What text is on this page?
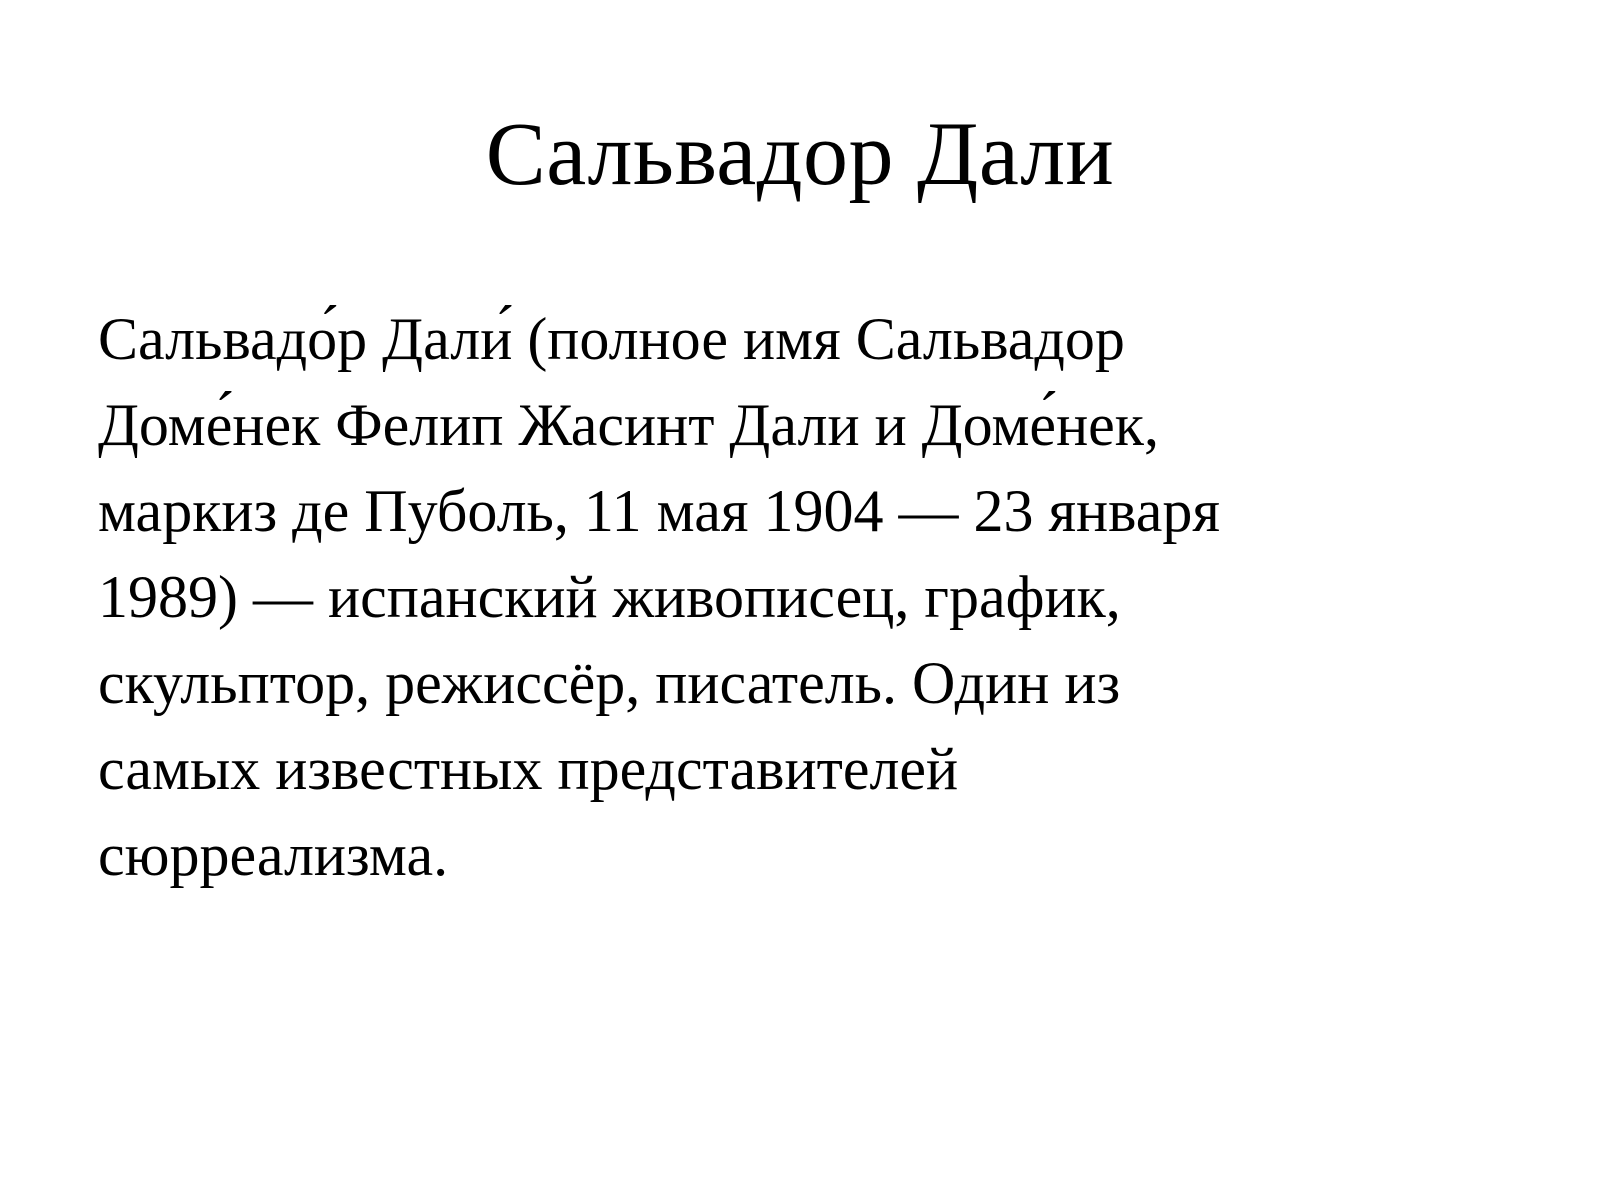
Сальвадор Дали
Сальвадо́р Дали́ (полное имя Сальвадор
Доме́нек Фелип Жасинт Дали и Доме́нек,
маркиз де Пуболь, 11 мая 1904 — 23 января
1989) — испанский живописец, график,
скульптор, режиссёр, писатель. Один из
самых известных представителей
сюрреализма.
